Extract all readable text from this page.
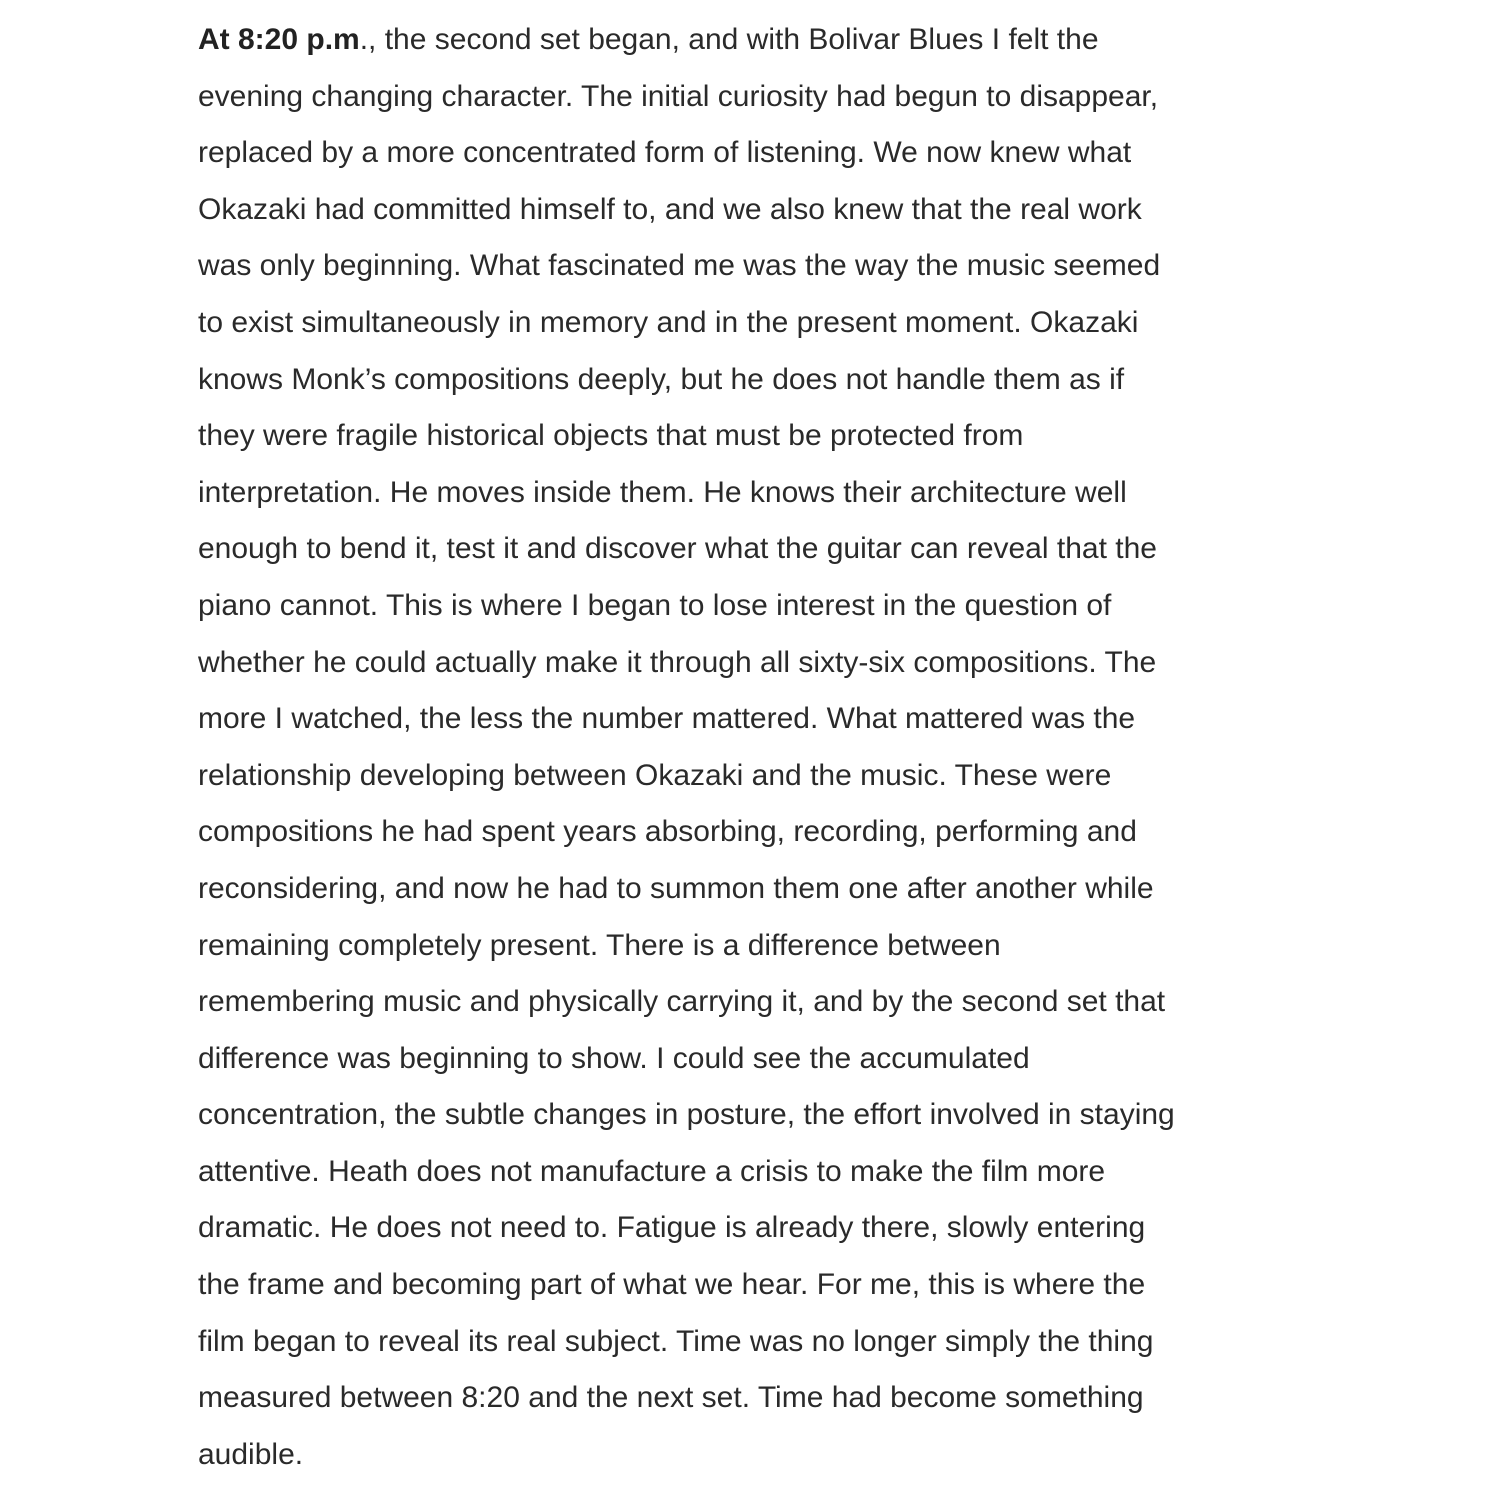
At 8:20 p.m., the second set began, and with Bolivar Blues I felt the
evening changing character. The initial curiosity had begun to disappear,
replaced by a more concentrated form of listening. We now knew what
Okazaki had committed himself to, and we also knew that the real work
was only beginning. What fascinated me was the way the music seemed
to exist simultaneously in memory and in the present moment. Okazaki
knows Monk’s compositions deeply, but he does not handle them as if
they were fragile historical objects that must be protected from
interpretation. He moves inside them. He knows their architecture well
enough to bend it, test it and discover what the guitar can reveal that the
piano cannot. This is where I began to lose interest in the question of
whether he could actually make it through all sixty-six compositions. The
more I watched, the less the number mattered. What mattered was the
relationship developing between Okazaki and the music. These were
compositions he had spent years absorbing, recording, performing and
reconsidering, and now he had to summon them one after another while
remaining completely present. There is a difference between
remembering music and physically carrying it, and by the second set that
difference was beginning to show. I could see the accumulated
concentration, the subtle changes in posture, the effort involved in staying
attentive. Heath does not manufacture a crisis to make the film more
dramatic. He does not need to. Fatigue is already there, slowly entering
the frame and becoming part of what we hear. For me, this is where the
film began to reveal its real subject. Time was no longer simply the thing
measured between 8:20 and the next set. Time had become something
audible.
